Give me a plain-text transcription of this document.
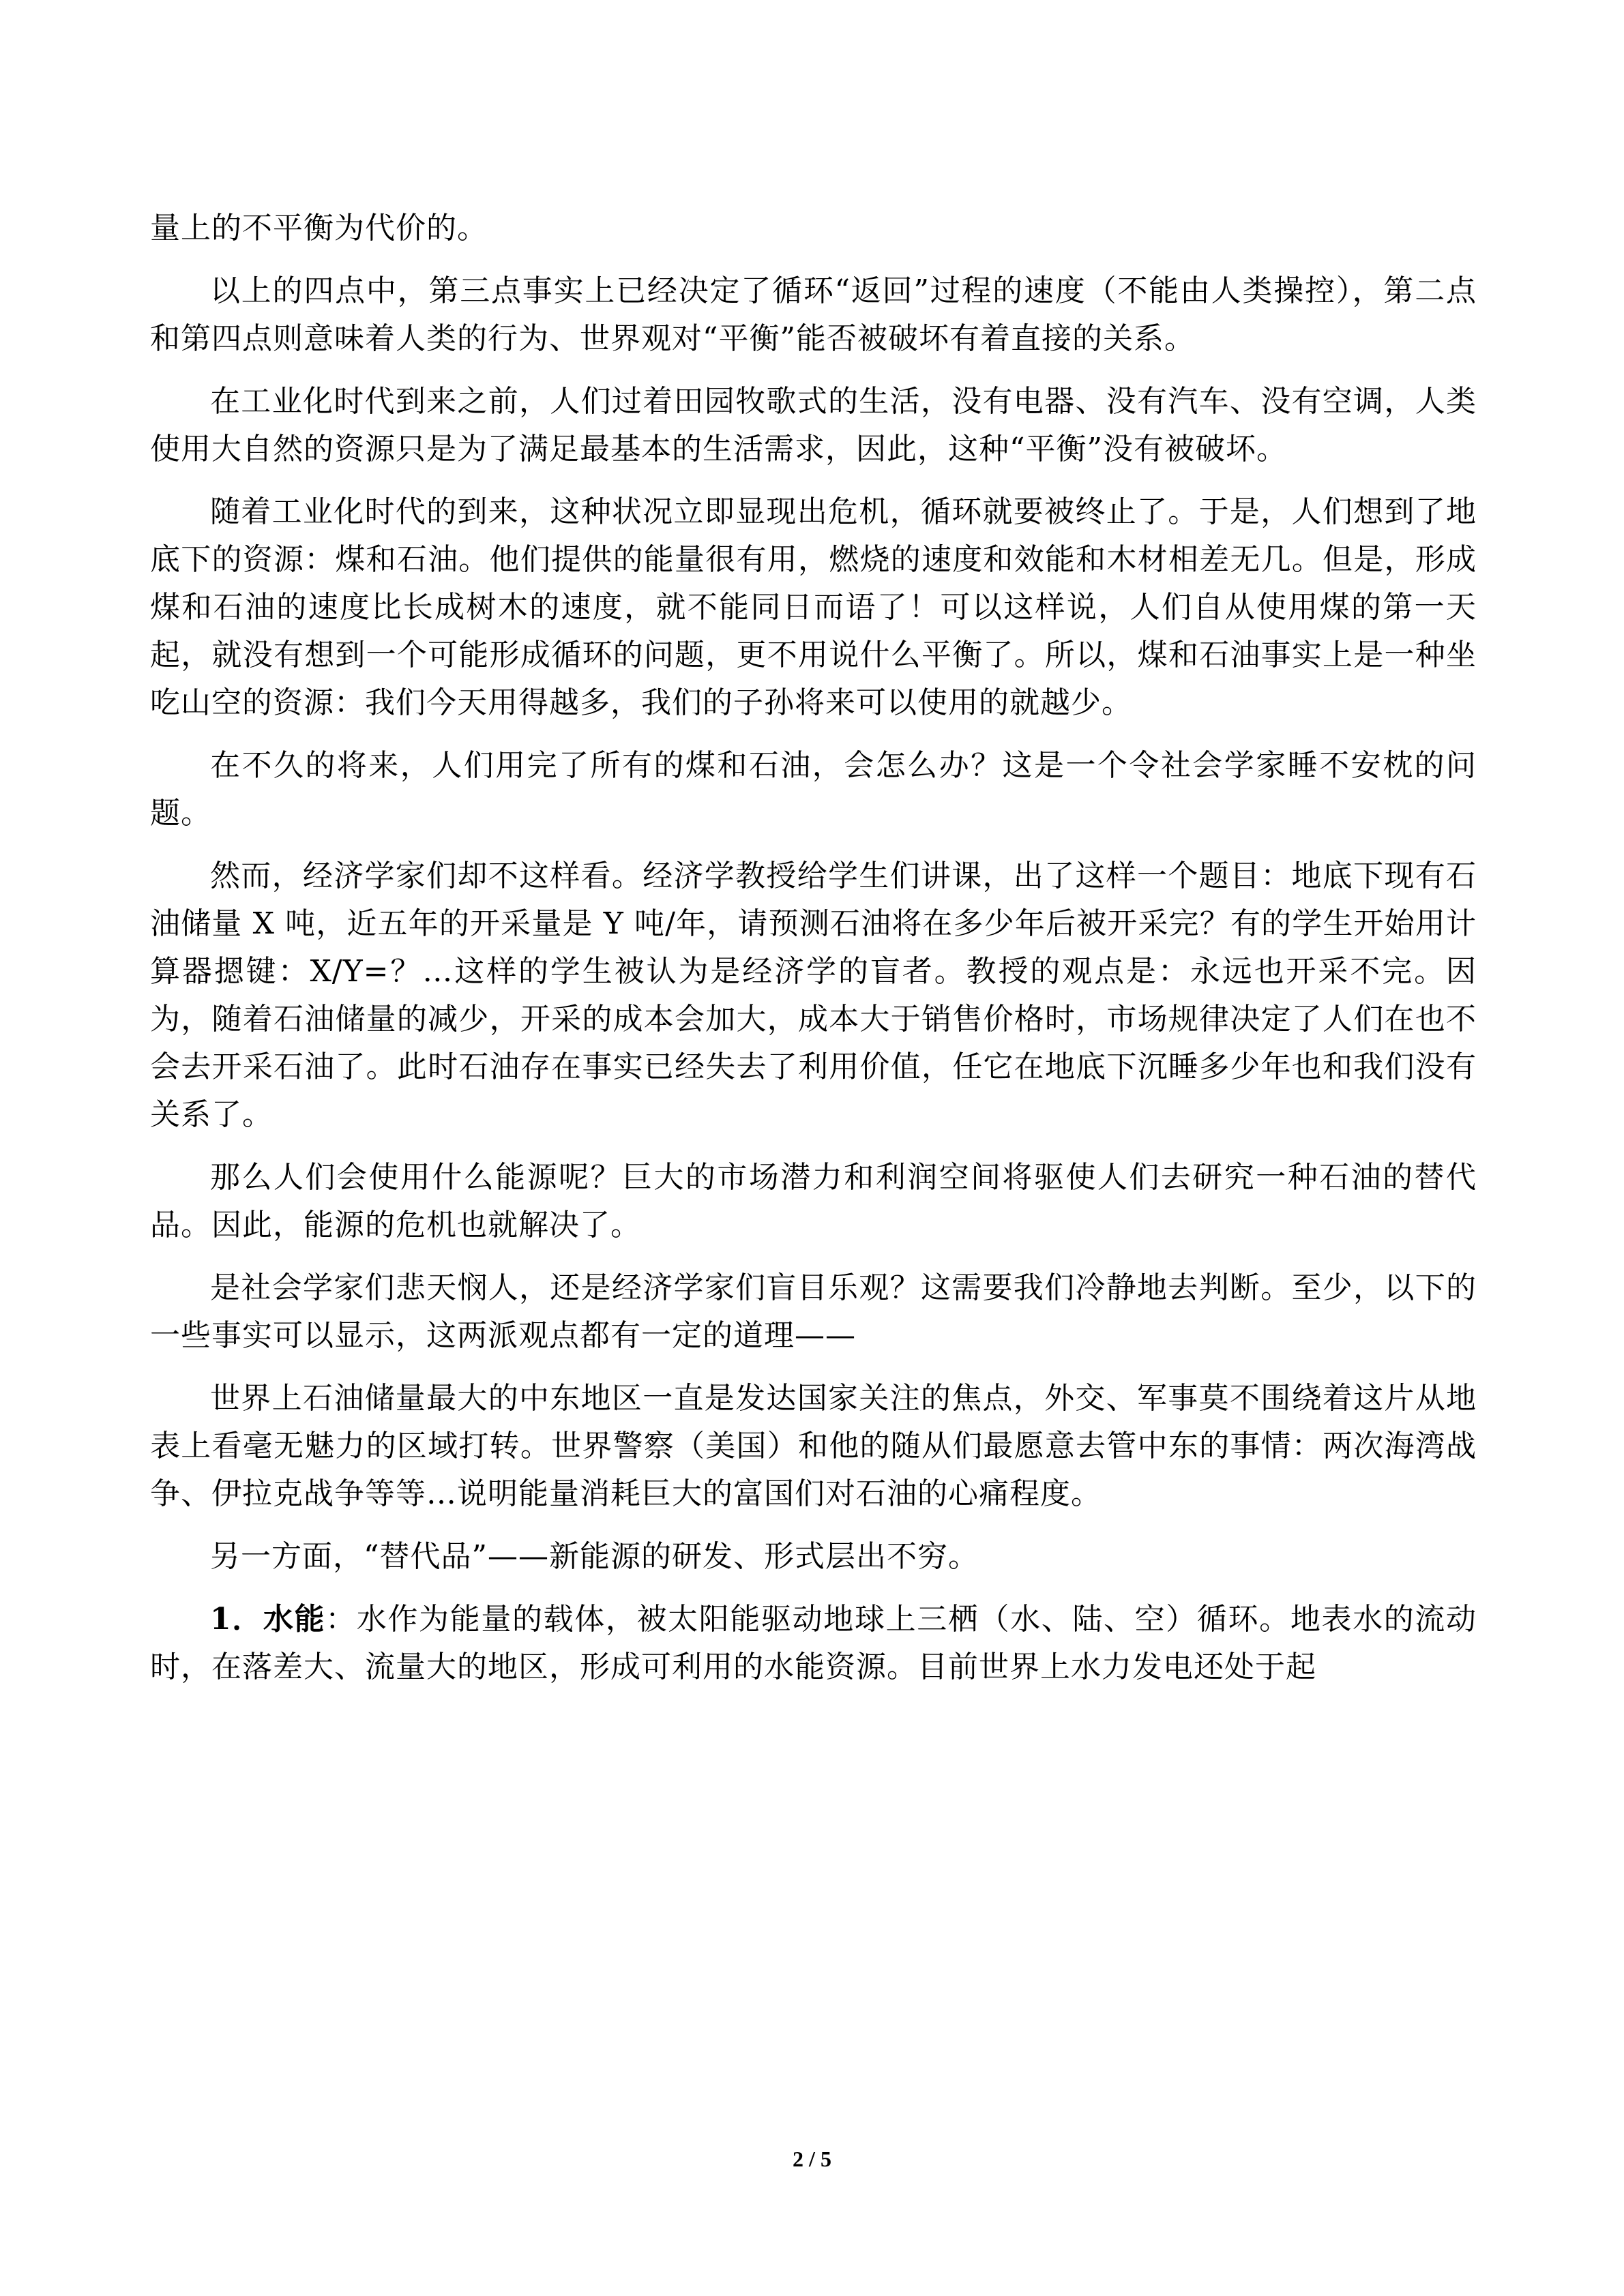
量上的不平衡为代价的。

以上的四点中，第三点事实上已经决定了循环“返回”过程的速度（不能由人类操控），第二点和第四点则意味着人类的行为、世界观对“平衡”能否被破坏有着直接的关系。

在工业化时代到来之前，人们过着田园牧歌式的生活，没有电器、没有汽车、没有空调，人类使用大自然的资源只是为了满足最基本的生活需求，因此，这种“平衡”没有被破坏。

随着工业化时代的到来，这种状况立即显现出危机，循环就要被终止了。于是，人们想到了地底下的资源：煤和石油。他们提供的能量很有用，燃烧的速度和效能和木材相差无几。但是，形成煤和石油的速度比长成树木的速度，就不能同日而语了！可以这样说，人们自从使用煤的第一天起，就没有想到一个可能形成循环的问题，更不用说什么平衡了。所以，煤和石油事实上是一种坐吃山空的资源：我们今天用得越多，我们的子孙将来可以使用的就越少。

在不久的将来，人们用完了所有的煤和石油，会怎么办？这是一个令社会学家睡不安枕的问题。

然而，经济学家们却不这样看。经济学教授给学生们讲课，出了这样一个题目：地底下现有石油储量 X 吨，近五年的开采量是 Y 吨/年，请预测石油将在多少年后被开采完？有的学生开始用计算器摁键：X/Y=？…这样的学生被认为是经济学的盲者。教授的观点是：永远也开采不完。因为，随着石油储量的减少，开采的成本会加大，成本大于销售价格时，市场规律决定了人们在也不会去开采石油了。此时石油存在事实已经失去了利用价值，任它在地底下沉睡多少年也和我们没有关系了。

那么人们会使用什么能源呢？巨大的市场潜力和利润空间将驱使人们去研究一种石油的替代品。因此，能源的危机也就解决了。

是社会学家们悲天悯人，还是经济学家们盲目乐观？这需要我们冷静地去判断。至少，以下的一些事实可以显示，这两派观点都有一定的道理——

世界上石油储量最大的中东地区一直是发达国家关注的焦点，外交、军事莫不围绕着这片从地表上看毫无魅力的区域打转。世界警察（美国）和他的随从们最愿意去管中东的事情：两次海湾战争、伊拉克战争等等…说明能量消耗巨大的富国们对石油的心痛程度。

另一方面，“替代品”——新能源的研发、形式层出不穷。

1．水能：水作为能量的载体，被太阳能驱动地球上三栖（水、陆、空）循环。地表水的流动时，在落差大、流量大的地区，形成可利用的水能资源。目前世界上水力发电还处于起

2 / 5
